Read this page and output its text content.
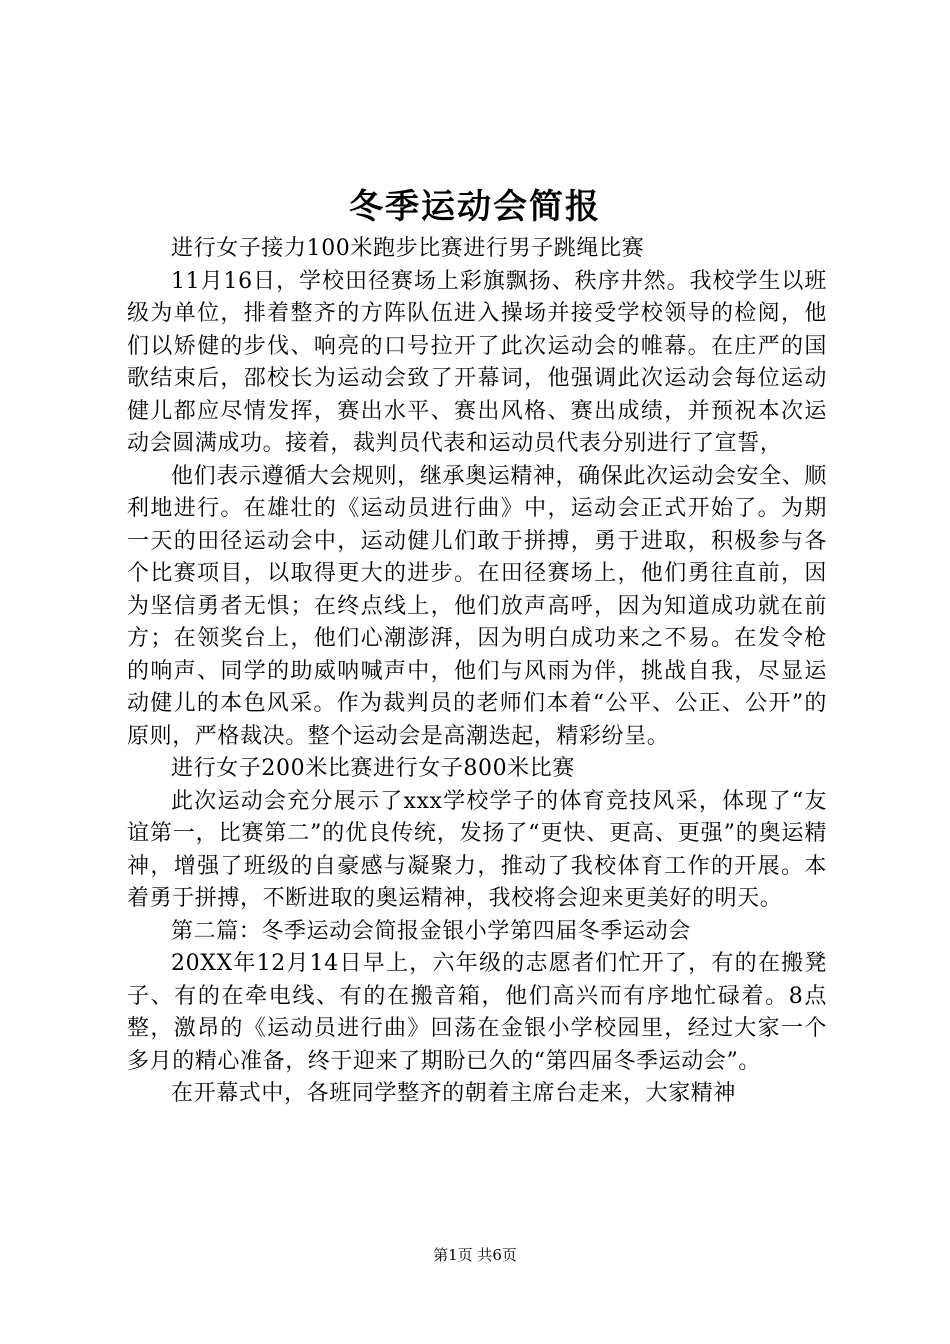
冬季运动会简报

进行女子接力100米跑步比赛进行男子跳绳比赛

11月16日，学校田径赛场上彩旗飘扬、秩序井然。我校学生以班级为单位，排着整齐的方阵队伍进入操场并接受学校领导的检阅，他们以矫健的步伐、响亮的口号拉开了此次运动会的帷幕。在庄严的国歌结束后，邵校长为运动会致了开幕词，他强调此次运动会每位运动健儿都应尽情发挥，赛出水平、赛出风格、赛出成绩，并预祝本次运动会圆满成功。接着，裁判员代表和运动员代表分别进行了宣誓，

他们表示遵循大会规则，继承奥运精神，确保此次运动会安全、顺利地进行。在雄壮的《运动员进行曲》中，运动会正式开始了。为期一天的田径运动会中，运动健儿们敢于拼搏，勇于进取，积极参与各个比赛项目，以取得更大的进步。在田径赛场上，他们勇往直前，因为坚信勇者无惧；在终点线上，他们放声高呼，因为知道成功就在前方；在领奖台上，他们心潮澎湃，因为明白成功来之不易。在发令枪的响声、同学的助威呐喊声中，他们与风雨为伴，挑战自我，尽显运动健儿的本色风采。作为裁判员的老师们本着“公平、公正、公开”的原则，严格裁决。整个运动会是高潮迭起，精彩纷呈。

进行女子200米比赛进行女子800米比赛

此次运动会充分展示了xxx学校学子的体育竞技风采，体现了“友谊第一，比赛第二”的优良传统，发扬了“更快、更高、更强”的奥运精神，增强了班级的自豪感与凝聚力，推动了我校体育工作的开展。本着勇于拼搏，不断进取的奥运精神，我校将会迎来更美好的明天。

第二篇：冬季运动会简报金银小学第四届冬季运动会

20XX年12月14日早上，六年级的志愿者们忙开了，有的在搬凳子、有的在牵电线、有的在搬音箱，他们高兴而有序地忙碌着。8点整，激昂的《运动员进行曲》回荡在金银小学校园里，经过大家一个多月的精心准备，终于迎来了期盼已久的“第四届冬季运动会”。

在开幕式中，各班同学整齐的朝着主席台走来，大家精神

第1页 共6页
